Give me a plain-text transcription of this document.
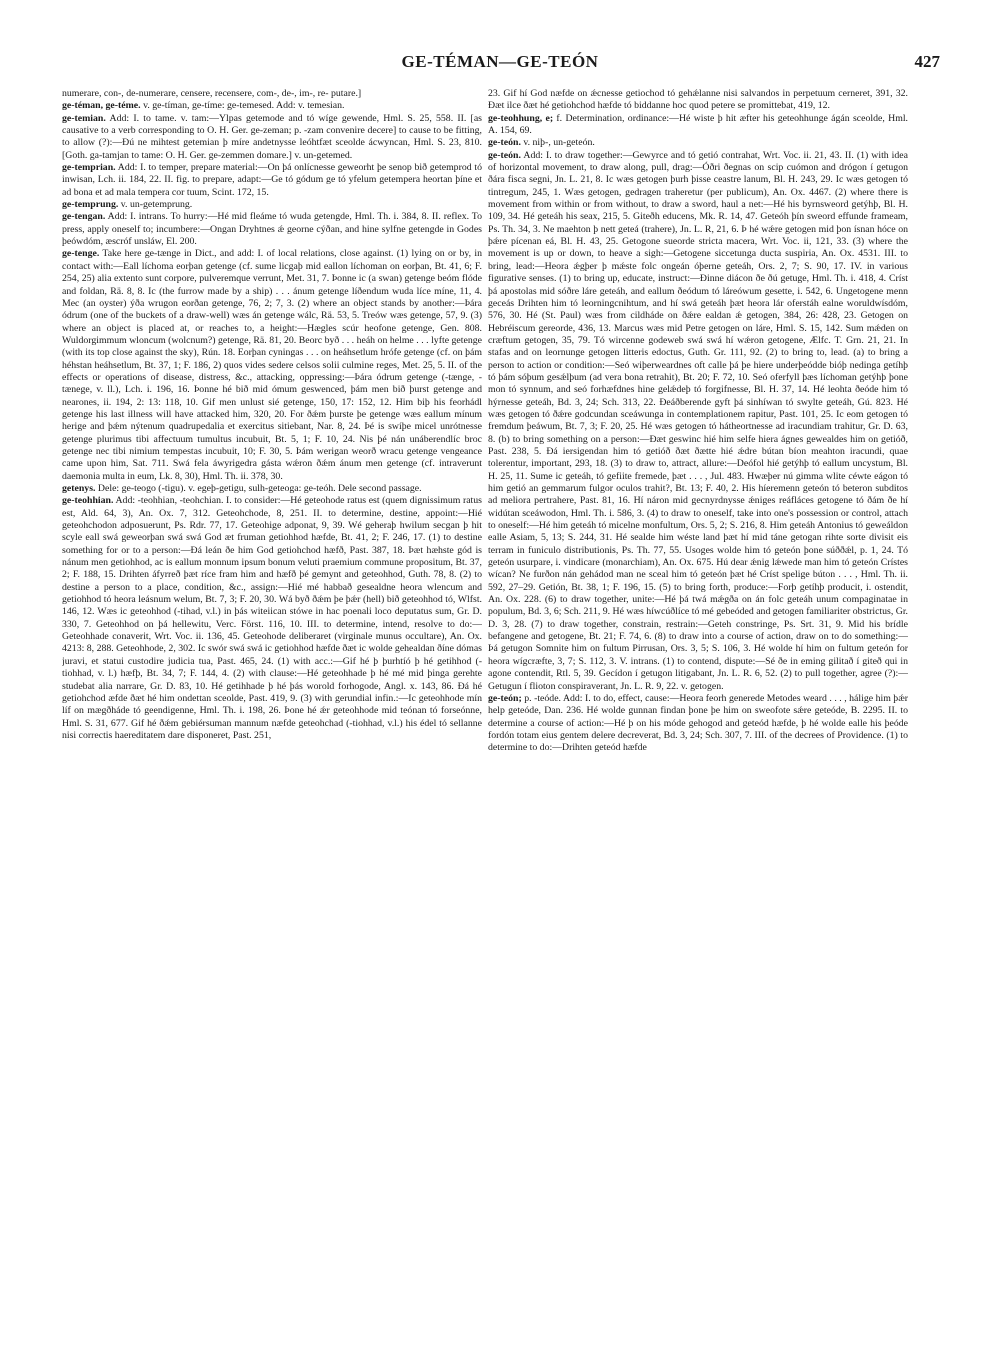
GE-TÉMAN—GE-TEÓN	427

numerare, con-, de-numerare, censere, recensere, com-, de-, im-, re- putare.]

ge-téman, ge-téme. v. ge-tíman, ge-tíme: ge-temesed. Add: v. temesian.

ge-temian. Add: I. to tame. v. tam:—Ylpas getemode and tó wíge gewende, Hml. S. 25, 558. II. [as causative to a verb corresponding to O. H. Ger. ge-zeman; p. -zam convenire decere] to cause to be fitting, to allow (?):—Ðú ne mihtest getemian þ míre andetnysse leóhtfæt sceolde ácwyncan, Hml. S. 23, 810. [Goth. ga-tamjan to tame: O. H. Ger. ge-zemmen domare.] v. un-getemed.

ge-temprian. Add: I. to temper, prepare material:—On þá onlícnesse geweorht þe senop bið getemprod tó inwisan, Lch. ii. 184, 22. II. fig. to prepare, adapt:—Ge tó gódum ge tó yfelum getempera heortan þíne et ad bona et ad mala tempera cor tuum, Scint. 172, 15.

ge-temprung. v. un-getemprung.

ge-tengan. Add: I. intrans. To hurry:—Hé mid fleáme tó wuda getengde, Hml. Th. i. 384, 8. II. reflex. To press, apply oneself to; incumbere:—Ongan Dryhtnes ǽ georne cýðan, and hine sylfne getengde in Godes þeówdóm, æscróf unsláw, El. 200.

ge-tenge. Take here ge-tænge in Dict., and add: I. of local relations, close against. (1) lying on or by, in contact with:—Eall líchoma eorþan getenge (cf. sume licgaþ mid eallon líchoman on eorþan, Bt. 41, 6; F. 254, 25) alia extento sunt corpore, pulveremque verrunt, Met. 31, 7. Þonne ic (a swan) getenge beóm flóde and foldan, Rä. 8, 8. Ic (the furrow made by a ship) . . . ánum getenge líðendum wuda líce míne, 11, 4. Mec (an oyster) ýða wrugon eorðan getenge, 76, 2; 7, 3. (2) where an object stands by another:—Þára ódrum (one of the buckets of a draw-well) wæs án getenge wálc, Rä. 53, 5. Treów wæs getenge, 57, 9. (3) where an object is placed at, or reaches to, a height:—Hægles scúr heofone getenge, Gen. 808. Wuldorgimmum wloncum (wolcnum?) getenge, Rä. 81, 20. Beorc byð . . . heáh on helme . . . lyfte getenge (with its top close against the sky), Rún. 18. Eorþan cyningas . . . on heáhsetlum hrófe getenge (cf. on þám héhstan heáhsetlum, Bt. 37, 1; F. 186, 2) quos vides sedere celsos solii culmine reges, Met. 25, 5. II. of the effects or operations of disease, distress, &c., attacking, oppressing:—Þára ódrum getenge (-tænge, -tænege, v. ll.), Lch. i. 196, 16. Þonne hé bið mid ómum geswenced, þám men bið þurst getenge and nearones, ii. 194, 2: 13: 118, 10. Gif men unlust sié getenge, 150, 17: 152, 12. Him biþ his feorhádl getenge his last illness will have attacked him, 320, 20. For ðǽm þurste þe getenge wæs eallum mínum herige and þǽm nýtenum quadrupedalia et exercitus sitiebant, Nar. 8, 24. Þé is swíþe micel unrótnesse getenge plurimus tibi affectuum tumultus incubuit, Bt. 5, 1; F. 10, 24. Nis þé nán unáberendlíc broc getenge nec tibi nimium tempestas incubuit, 10; F. 30, 5. Þám werigan weorð wracu getenge vengeance came upon him, Sat. 711. Swá fela áwyrigedra gásta wǽron ðǽm ánum men getenge (cf. intraverunt daemonia multa in eum, Lk. 8, 30), Hml. Th. ii. 378, 30.

getenys. Dele: ge-teogo (-tigu). v. egeþ-getigu, sulh-geteoga: ge-teóh. Dele second passage.

ge-teohhian. Add: -teohhian, -teohchian. I. to consider:—Hé geteohode ratus est (quem dignissimum ratus est, Ald. 64, 3), An. Ox. 7, 312. Geteohchode, 8, 251. II. to determine, destine, appoint:—Hié geteohchodon adposuerunt, Ps. Rdr. 77, 17. Geteohige adponat, 9, 39. Wé geheraþ hwilum secgan þ hit scyle eall swá geweorþan swá swá God æt fruman getiohhod hæfde, Bt. 41, 2; F. 246, 17. (1) to destine something for or to a person:—Ðá leán ðe him God getiohchod hæfð, Past. 387, 18. Þæt hæhste gód is nánum men getiohhod, ac is eallum monnum ipsum bonum veluti praemium commune propositum, Bt. 37, 2; F. 188, 15. Drihten áfyrreð þæt ríce fram him and hæfð þé gemynt and geteohhod, Guth. 78, 8. (2) to destine a person to a place, condition, &c., assign:—Hié mé habbað gesealdne heora wlencum and getiohhod tó heora leásnum welum, Bt. 7, 3; F. 20, 30. Wá byð ðǽm þe þǽr (hell) bið geteohhod tó, Wlfst. 146, 12. Wæs ic geteohhod (-tihad, v.l.) in þás witeiican stówe in hac poenali loco deputatus sum, Gr. D. 330, 7. Geteohhod on þá hellewitu, Verc. Först. 116, 10. III. to determine, intend, resolve to do:—Geteohhade conaverit, Wrt. Voc. ii. 136, 45. Geteohode deliberaret (virginale munus occultare), An. Ox. 4213: 8, 288. Geteohhode, 2, 302. Ic swór swá swá ic getiohhod hæfde ðæt ic wolde gehealdan ðíne dómas juravi, et statui custodire judicia tua, Past. 465, 24. (1) with acc.:—Gif hé þ þurhtíó þ hé getihhod (-tiohhad, v. l.) hæfþ, Bt. 34, 7; F. 144, 4. (2) with clause:—Hé geteohhade þ hé mé mid þinga gerehte studebat alia narrare, Gr. D. 83, 10. Hé getihhade þ hé þás worold forhogode, Angl. x. 143, 86. Ðá hé getiohchod æfde ðæt hé him ondettan sceolde, Past. 419, 9. (3) with gerundial infin.:—Ic geteohhode mín líf on mægðháde tó geendigenne, Hml. Th. i. 198, 26. Þone hé ǽr geteohhode mid teónan tó forseónne, Hml. S. 31, 677. Gif hé ðǽm gebiérsuman mannum næfde geteohchad (-tiohhad, v.l.) his édel tó sellanne nisi correctis haereditatem dare disponeret, Past. 251,

23. Gif hí God næfde on ǽcnesse getiochod tó gehǽlanne nisi salvandos in perpetuum cerneret, 391, 32. Ðæt ilce ðæt hé getiohchod hæfde tó biddanne hoc quod petere se promittebat, 419, 12.

ge-teohhung, e; f. Determination, ordinance:—Hé wiste þ hit æfter his geteohhunge ágán sceolde, Hml. A. 154, 69.

ge-teón. v. niþ-, un-geteón.

ge-teón. Add: I. to draw together:—Gewyrce and tó getió contrahat, Wrt. Voc. ii. 21, 43. II. (1) with idea of horizontal movement, to draw along, pull, drag:—Óðri ðegnas on scip cuómon and drógon í getugon ðára fisca segni, Jn. L. 21, 8. Ic wæs getogen þurh þisse ceastre lanum, Bl. H. 243, 29. Ic wæs getogen tó tintregum, 245, 1. Wæs getogen, gedragen traheretur (per publicum), An. Ox. 4467. (2) where there is movement from within or from without, to draw a sword, haul a net:—Hé his byrnsweord getýhþ, Bl. H. 109, 34. Hé geteáh his seax, 215, 5. Giteðh educens, Mk. R. 14, 47. Geteóh þín sweord effunde frameam, Ps. Th. 34, 3. Ne maehton þ nett geteá (trahere), Jn. L. R, 21, 6. Þ hé wǽre getogen mid þon ísnan hóce on þǽre pícenan eá, Bl. H. 43, 25. Getogone sueorde stricta macera, Wrt. Voc. ii, 121, 33. (3) where the movement is up or down, to heave a sigh:—Getogene siccetunga ducta suspiria, An. Ox. 4531. III. to bring, lead:—Heora ǽgþer þ mǽste folc ongeán óþerne geteáh, Ors. 2, 7; S. 90, 17. IV. in various figurative senses. (1) to bring up, educate, instruct:—Ðinne diácon ðe ðú getuge, Hml. Th. i. 418, 4. Críst þá apostolas mid sóðre láre geteáh, and eallum ðeódum tó láreówum gesette, i. 542, 6. Ungetogene menn geceás Drihten him tó leorningcnihtum, and hí swá geteáh þæt heora lár oferstáh ealne woruldwísdóm, 576, 30. Hé (St. Paul) wæs from cildháde on ðǽre ealdan ǽ getogen, 384, 26: 428, 23. Getogen on Hebréiscum gereorde, 436, 13. Marcus wæs mid Petre getogen on láre, Hml. S. 15, 142. Sum mǽden on cræftum getogen, 35, 79. Tó wircenne godeweb swá swá hí wǽron getogene, Ælfc. T. Grn. 21, 21. In stafas and on leornunge getogen litteris edoctus, Guth. Gr. 111, 92. (2) to bring to, lead. (a) to bring a person to action or condition:—Seó wiþerweardnes oft calle þá þe hiere underþeódde bióþ nedinga getíhþ tó þám sóþum gesǽlþum (ad vera bona retrahit), Bt. 20; F. 72, 10. Seó oferfyll þæs líchoman getýhþ þone mon tó synnum, and seó forhæfdnes hine gelǽdeþ tó forgifnesse, Bl. H. 37, 14. Hé leohta ðeóde him tó hýrnesse geteáh, Bd. 3, 24; Sch. 313, 22. Ðeáðberende gyft þá sinhíwan tó swylte geteáh, Gú. 823. Hé wæs getogen tó ðǽre godcundan sceáwunga in contemplationem rapitur, Past. 101, 25. Ic eom getogen tó fremdum þeáwum, Bt. 7, 3; F. 20, 25. Hé wæs getogen tó hátheortnesse ad iracundiam trahitur, Gr. D. 63, 8. (b) to bring something on a person:—Ðæt geswinc hié him selfe hiera ágnes gewealdes him on getióð, Past. 238, 5. Ðá iersigendan him tó getióð ðæt ðætte hié ǽdre bútan bíon meahton iracundi, quae tolerentur, important, 293, 18. (3) to draw to, attract, allure:—Deófol hié getýhþ tó eallum uncystum, Bl. H. 25, 11. Sume ic geteáh, tó gefiite fremede, þæt . . . , Jul. 483. Hwæþer nú gimma wlite céwte eágon tó him getió an gemmarum fulgor oculos trahit?, Bt. 13; F. 40, 2. His híeremenn geteón tó beteron subditos ad meliora pertrahere, Past. 81, 16. Hí náron mid gecnyrdnysse ǽniges reáfláces getogene tó ðám ðe hí widútan sceáwodon, Hml. Th. i. 586, 3. (4) to draw to oneself, take into one's possession or control, attach to oneself:—Hé him geteáh tó micelne monfultum, Ors. 5, 2; S. 216, 8. Him geteáh Antonius tó geweáldon ealle Asiam, 5, 13; S. 244, 31. Hé sealde him wéste land þæt hí mid táne getogan rihte sorte divisit eis terram in funiculo distributionis, Ps. Th. 77, 55. Usoges wolde him tó geteón þone súððǽl, p. 1, 24. Tó geteón usurpare, i. vindicare (monarchiam), An. Ox. 675. Hú dear ǽnig lǽwede man him tó geteón Crístes wícan? Ne furðon nán gehádod man ne sceal him tó geteón þæt hé Críst spelige búton . . . , Hml. Th. ii. 592, 27–29. Getión, Bt. 38, 1; F. 196, 15. (5) to bring forth, produce:—Forþ getíhþ producit, i. ostendit, An. Ox. 228. (6) to draw together, unite:—Hé þá twá mǽgða on án folc geteáh unum compaginatae in populum, Bd. 3, 6; Sch. 211, 9. Hé wæs híwcúðlíce tó mé gebeóded and getogen familiariter obstrictus, Gr. D. 3, 28. (7) to draw together, constrain, restrain:—Geteh constringe, Ps. Srt. 31, 9. Mid his brídle befangene and getogene, Bt. 21; F. 74, 6. (8) to draw into a course of action, draw on to do something:—Þá getugon Somnite him on fultum Pirrusan, Ors. 3, 5; S. 106, 3. Hé wolde hí him on fultum geteón for heora wígcræfte, 3, 7; S. 112, 3. V. intrans. (1) to contend, dispute:—Sé ðe in eming gilitað í giteð qui in agone contendit, Rtl. 5, 39. Gecídon í getugon litigabant, Jn. L. R. 6, 52. (2) to pull together, agree (?):—Getugun í flioton conspiraverant, Jn. L. R. 9, 22. v. getogen.

ge-teón; p. -teóde. Add: I. to do, effect, cause:—Heora feorh generede Metodes weard . . . , hálige him þǽr help geteóde, Dan. 236. Hé wolde gunnan findan þone þe him on sweofote sǽre geteóde, B. 2295. II. to determine a course of action:—Hé þ on his móde gehogod and geteód hæfde, þ hé wolde ealle his þeóde fordón totam eius gentem delere decreverat, Bd. 3, 24; Sch. 307, 7. III. of the decrees of Providence. (1) to determine to do:—Drihten geteód hæfde
